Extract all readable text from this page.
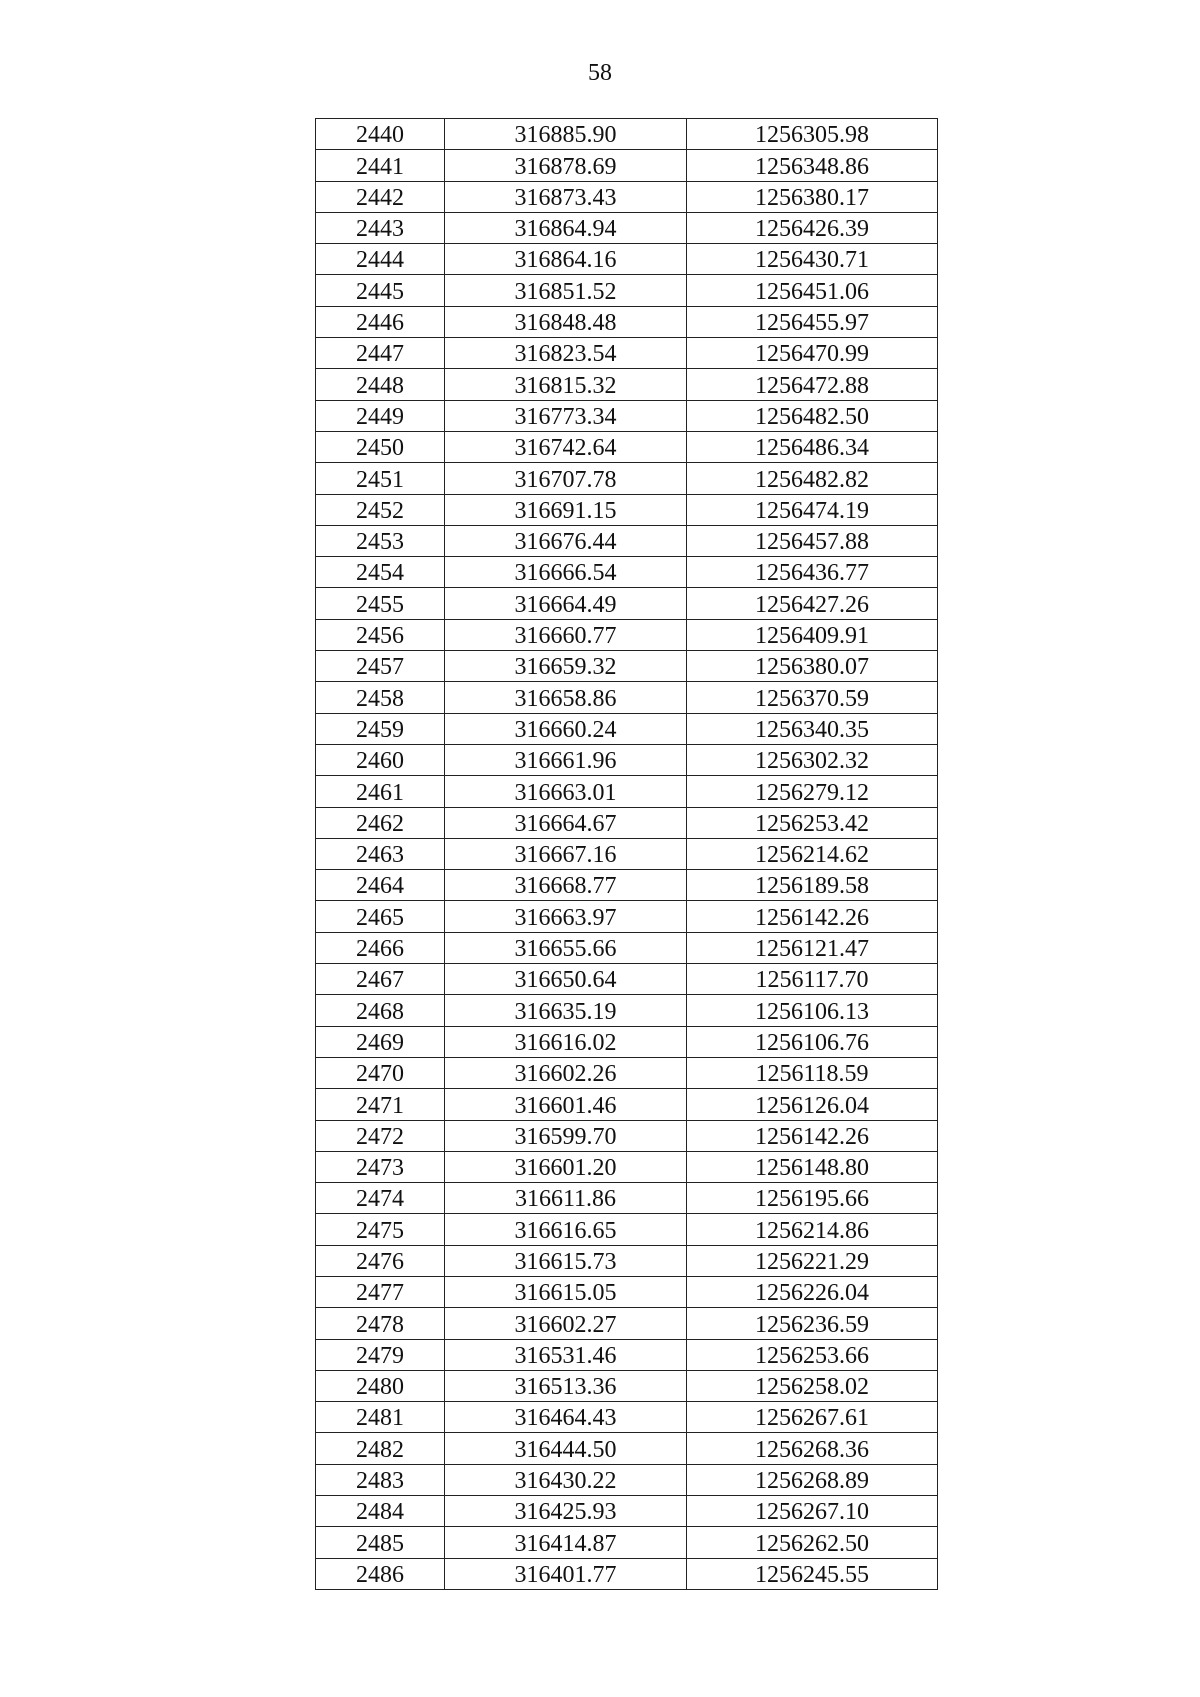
58
2440	316885.90	1256305.98
2441	316878.69	1256348.86
2442	316873.43	1256380.17
2443	316864.94	1256426.39
2444	316864.16	1256430.71
2445	316851.52	1256451.06
2446	316848.48	1256455.97
2447	316823.54	1256470.99
2448	316815.32	1256472.88
2449	316773.34	1256482.50
2450	316742.64	1256486.34
2451	316707.78	1256482.82
2452	316691.15	1256474.19
2453	316676.44	1256457.88
2454	316666.54	1256436.77
2455	316664.49	1256427.26
2456	316660.77	1256409.91
2457	316659.32	1256380.07
2458	316658.86	1256370.59
2459	316660.24	1256340.35
2460	316661.96	1256302.32
2461	316663.01	1256279.12
2462	316664.67	1256253.42
2463	316667.16	1256214.62
2464	316668.77	1256189.58
2465	316663.97	1256142.26
2466	316655.66	1256121.47
2467	316650.64	1256117.70
2468	316635.19	1256106.13
2469	316616.02	1256106.76
2470	316602.26	1256118.59
2471	316601.46	1256126.04
2472	316599.70	1256142.26
2473	316601.20	1256148.80
2474	316611.86	1256195.66
2475	316616.65	1256214.86
2476	316615.73	1256221.29
2477	316615.05	1256226.04
2478	316602.27	1256236.59
2479	316531.46	1256253.66
2480	316513.36	1256258.02
2481	316464.43	1256267.61
2482	316444.50	1256268.36
2483	316430.22	1256268.89
2484	316425.93	1256267.10
2485	316414.87	1256262.50
2486	316401.77	1256245.55
